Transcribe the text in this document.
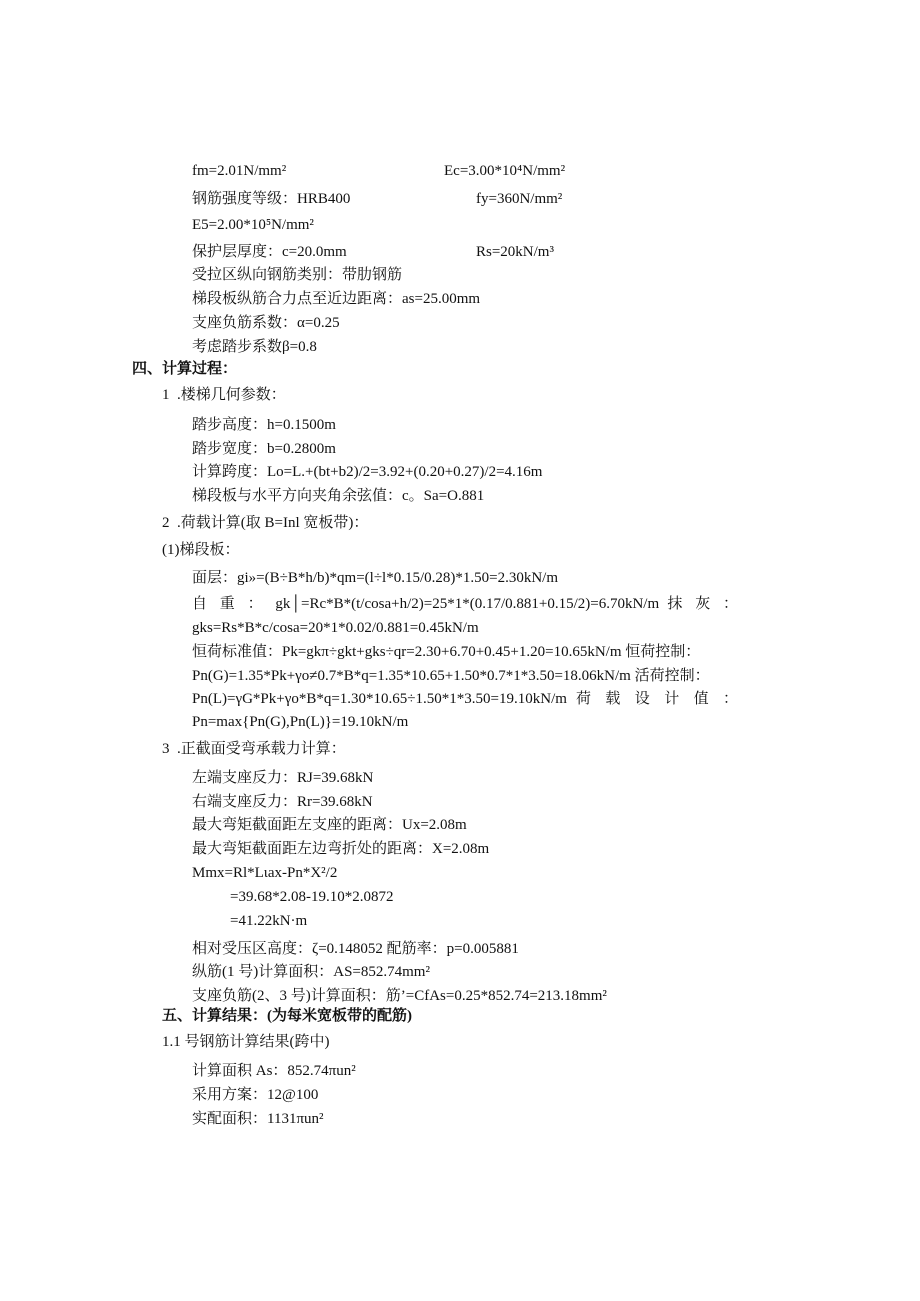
fm=2.01N/mm²	Ec=3.00*10⁴N/mm²
钢筋强度等级：HRB400	fy=360N/mm²
E5=2.00*10⁵N/mm²
保护层厚度：c=20.0mm	Rs=20kN/m³
受拉区纵向钢筋类别：带肋钢筋
梯段板纵筋合力点至近边距离：as=25.00mm
支座负筋系数：α=0.25
考虑踏步系数β=0.8
四、计算过程：
1  .楼梯几何参数：
踏步高度：h=0.1500m
踏步宽度：b=0.2800m
计算跨度：Lo=L.+(bt+b2)/2=3.92+(0.20+0.27)/2=4.16m
梯段板与水平方向夹角余弦值：c。Sa=O.881
2  .荷载计算(取 B=Inl 宽板带)：
(1)梯段板：
面层：gi»=(B÷B*h/b)*qm=(l÷l*0.15/0.28)*1.50=2.30kN/m
自 重 ： gk│=Rc*B*(t/cosa+h/2)=25*1*(0.17/0.881+0.15/2)=6.70kN/m 抹 灰 ：
gks=Rs*B*c/cosa=20*1*0.02/0.881=0.45kN/m
恒荷标准值：Pk=gkπ÷gkt+gks÷qr=2.30+6.70+0.45+1.20=10.65kN/m 恒荷控制：
Pn(G)=1.35*Pk+γo≠0.7*B*q=1.35*10.65+1.50*0.7*1*3.50=18.06kN/m 活荷控制：
Pn(L)=γG*Pk+γo*B*q=1.30*10.65÷1.50*1*3.50=19.10kN/m 荷 载 设 计 值 ：
Pn=max{Pn(G),Pn(L)}=19.10kN/m
3  .正截面受弯承载力计算：
左端支座反力：RJ=39.68kN
右端支座反力：Rr=39.68kN
最大弯矩截面距左支座的距离：Ux=2.08m
最大弯矩截面距左边弯折处的距离：X=2.08m
Mmx=Rl*Lιax-Pn*X²/2
=39.68*2.08-19.10*2.0872
=41.22kN·m
相对受压区高度：ζ=0.148052 配筋率：p=0.005881
纵筋(1 号)计算面积：AS=852.74mm²
支座负筋(2、3 号)计算面积：筋’=CfAs=0.25*852.74=213.18mm²
五、计算结果：(为每米宽板带的配筋)
1.1 号钢筋计算结果(跨中)
计算面积 As：852.74πun²
采用方案：12@100
实配面积：1131πun²
